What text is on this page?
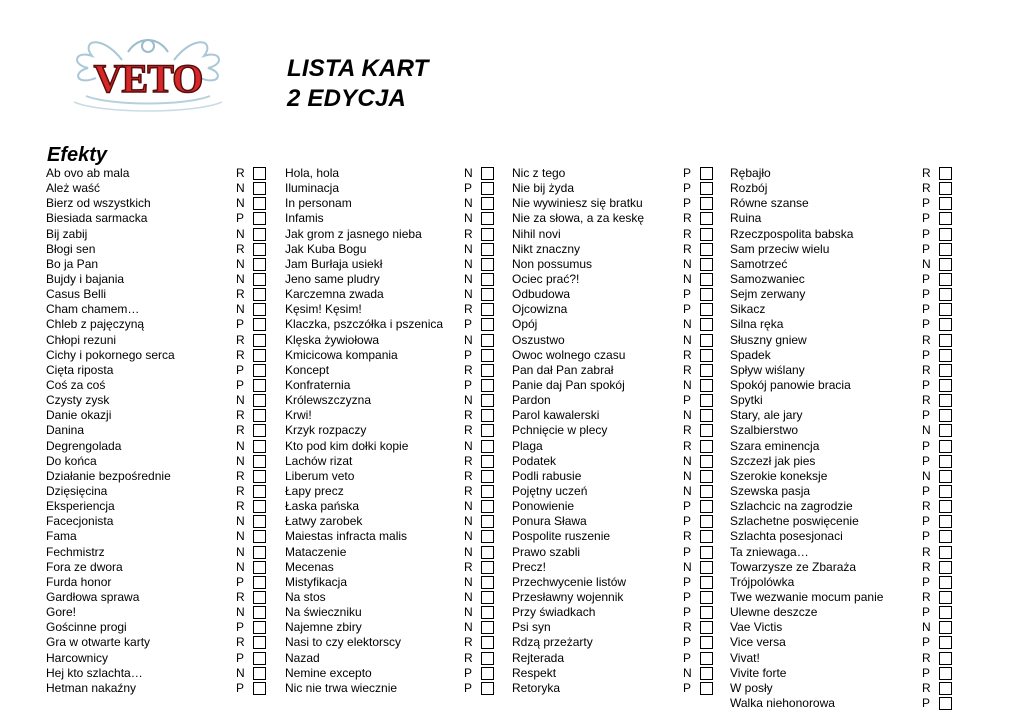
VETO	LISTA KART
2 EDYCJA
Efekty
Ab ovo ab mala	R
Ależ waść	N
Bierz od wszystkich	N
Biesiada sarmacka	P
Bij zabij	N
Błogi sen	R
Bo ja Pan	N
Bujdy i bajania	N
Casus Belli	R
Cham chamem…	N
Chleb z pajęczyną	P
Chłopi rezuni	R
Cichy i pokornego serca	R
Cięta riposta	P
Coś za coś	P
Czysty zysk	N
Danie okazji	R
Danina	R
Degrengolada	N
Do końca	N
Działanie bezpośrednie	R
Dzięsięcina	R
Eksperiencja	R
Facecjonista	N
Fama	N
Fechmistrz	N
Fora ze dwora	N
Furda honor	P
Gardłowa sprawa	R
Gore!	N
Gościnne progi	P
Gra w otwarte karty	R
Harcownicy	P
Hej kto szlachta…	N
Hetman nakaźny	P
Hola, hola	N
Iluminacja	P
In personam	N
Infamis	N
Jak grom z jasnego nieba	R
Jak Kuba Bogu	N
Jam Burłaja usiekł	N
Jeno same pludry	N
Karczemna zwada	N
Kęsim! Kęsim!	R
Klaczka, pszczółka i pszenica P
Klęska żywiołowa	N
Kmicicowa kompania	P
Koncept	R
Konfraternia	P
Królewszczyzna	N
Krwi!	R
Krzyk rozpaczy	R
Kto pod kim dołki kopie	N
Lachów rizat	R
Liberum veto	R
Łapy precz	R
Łaska pańska	N
Łatwy zarobek	N
Maiestas infracta malis	N
Mataczenie	N
Mecenas	R
Mistyfikacja	N
Na stos	N
Na świeczniku	N
Najemne zbiry	N
Nasi to czy elektorscy	R
Nazad	R
Nemine excepto	P
Nic nie trwa wiecznie	P
Nic z tego	P
Nie bij żyda	P
Nie wywiniesz się bratku	P
Nie za słowa, a za keskę	R
Nihil novi	R
Nikt znaczny	R
Non possumus	N
Ociec prać?!	N
Odbudowa	P
Ojcowizna	P
Opój	N
Oszustwo	N
Owoc wolnego czasu	R
Pan dał Pan zabrał	R
Panie daj Pan spokój	N
Pardon	P
Parol kawalerski	N
Pchnięcie w plecy	R
Plaga	R
Podatek	N
Podli rabusie	N
Pojętny uczeń	N
Ponowienie	P
Ponura Sława	P
Pospolite ruszenie	R
Prawo szabli	P
Precz!	N
Przechwycenie listów	P
Przesławny wojennik	P
Przy świadkach	P
Psi syn	R
Rdzą przeżarty	P
Rejterada	P
Respekt	N
Retoryka	P
Rębajło	R
Rozbój	R
Równe szanse	P
Ruina	P
Rzeczpospolita babska	P
Sam przeciw wielu	P
Samotrzeć	N
Samozwaniec	P
Sejm zerwany	P
Sikacz	P
Silna ręka	P
Słuszny gniew	R
Spadek	P
Spływ wiślany	R
Spokój panowie bracia	P
Spytki	R
Stary, ale jary	P
Szalbierstwo	N
Szara eminencja	P
Szczezł jak pies	P
Szerokie koneksje	N
Szewska pasja	P
Szlachcic na zagrodzie	R
Szlachetne poswięcenie	P
Szlachta posesjonaci	P
Ta zniewaga…	R
Towarzysze ze Zbaraża	R
Trójpolówka	P
Twe wezwanie mocum panie	R
Ulewne deszcze	P
Vae Victis	N
Vice versa	P
Vivat!	R
Vivite forte	P
W posły	R
Walka niehonorowa	P
